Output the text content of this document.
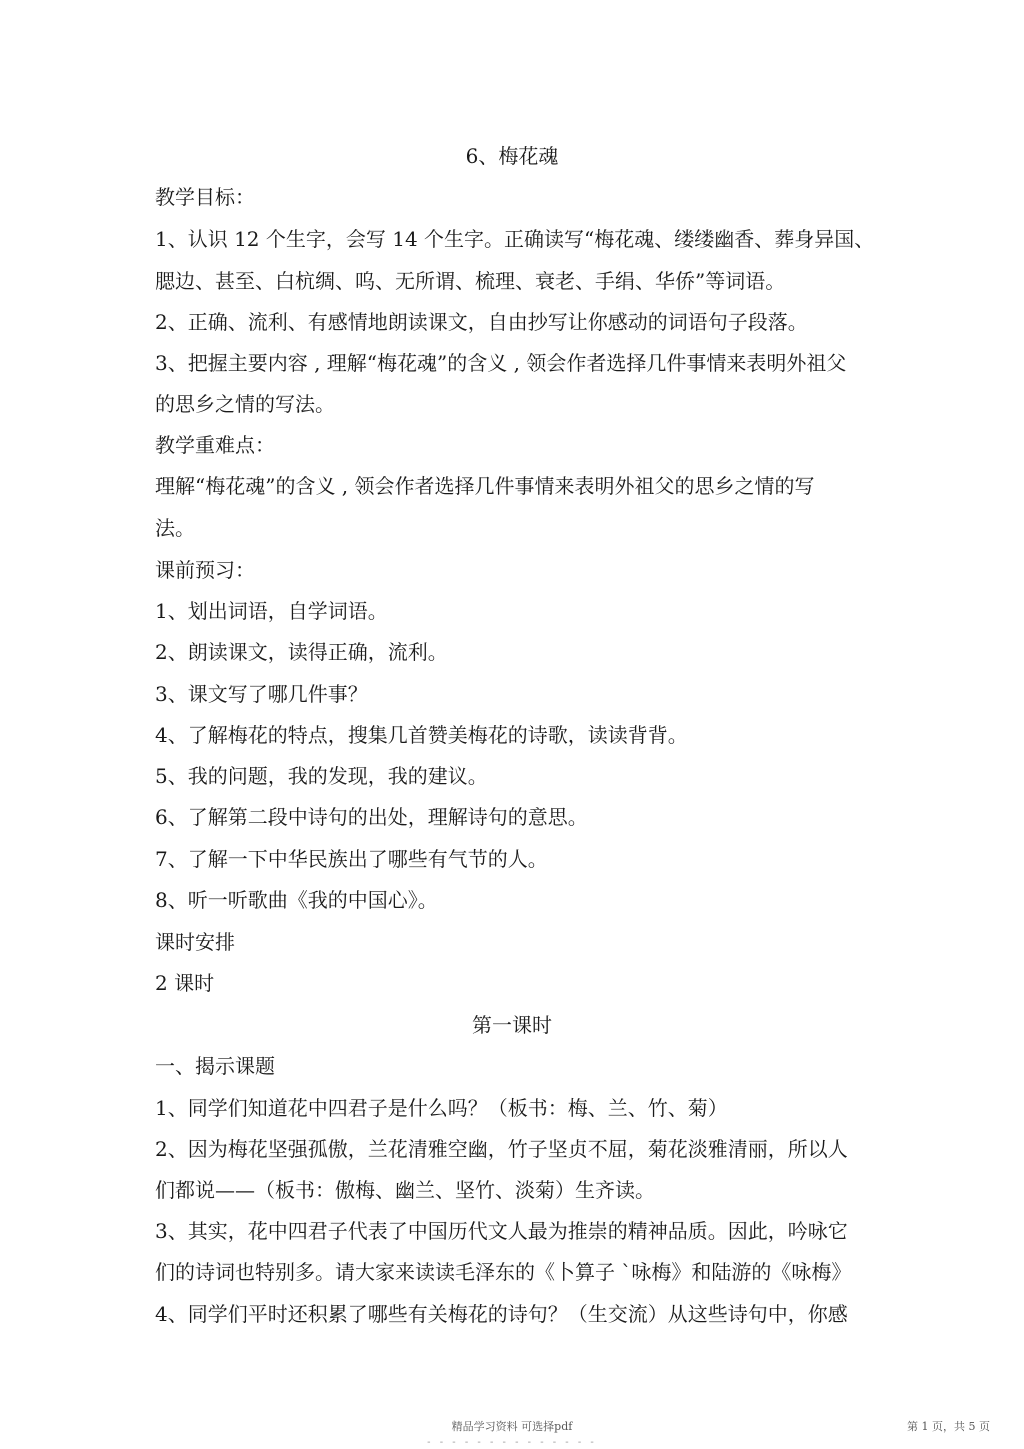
6、梅花魂
教学目标：
1、认识 12 个生字，会写 14 个生字。正确读写“梅花魂、缕缕幽香、葬身异国、
腮边、甚至、白杭绸、呜、无所谓、梳理、衰老、手绢、华侨”等词语。
2、正确、流利、有感情地朗读课文，自由抄写让你感动的词语句子段落。
3、把握主要内容 , 理解“梅花魂”的含义 , 领会作者选择几件事情来表明外祖父
的思乡之情的写法。
教学重难点：
理解“梅花魂”的含义 , 领会作者选择几件事情来表明外祖父的思乡之情的写
法。
课前预习：
1、划出词语，自学词语。
2、朗读课文，读得正确，流利。
3、课文写了哪几件事？
4、了解梅花的特点，搜集几首赞美梅花的诗歌，读读背背。
5、我的问题，我的发现，我的建议。
6、了解第二段中诗句的出处，理解诗句的意思。
7、了解一下中华民族出了哪些有气节的人。
8、听一听歌曲《我的中国心》。
课时安排
2 课时
第一课时
一、揭示课题
1、同学们知道花中四君子是什么吗？（板书：梅、兰、竹、菊）
2、因为梅花坚强孤傲，兰花清雅空幽，竹子坚贞不屈，菊花淡雅清丽，所以人
们都说——（板书：傲梅、幽兰、坚竹、淡菊）生齐读。
3、其实，花中四君子代表了中国历代文人最为推崇的精神品质。因此，吟咏它
们的诗词也特别多。请大家来读读毛泽东的《卜算子 `咏梅》和陆游的《咏梅》
4、同学们平时还积累了哪些有关梅花的诗句？（生交流）从这些诗句中，你感
精品学习资料 可选择pdf	第 1 页，共 5 页
- - - - - - - - - - - - - -
